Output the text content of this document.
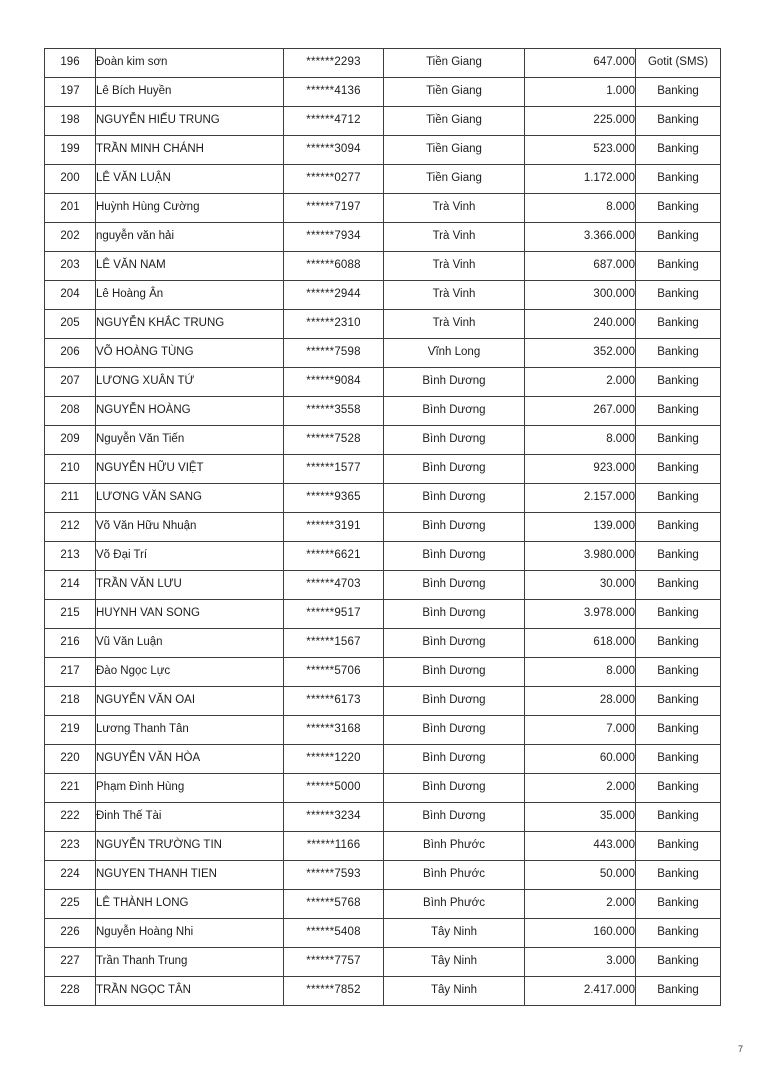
196	Đoàn kim sơn	******2293	Tiền Giang	647.000	Gotit (SMS)
197	Lê Bích Huyền	******4136	Tiền Giang	1.000	Banking
198	NGUYỄN HIẾU TRUNG	******4712	Tiền Giang	225.000	Banking
199	TRẦN MINH CHÁNH	******3094	Tiền Giang	523.000	Banking
200	LÊ VĂN LUẬN	******0277	Tiền Giang	1.172.000	Banking
201	Huỳnh Hùng Cường	******7197	Trà Vinh	8.000	Banking
202	nguyễn văn hải	******7934	Trà Vinh	3.366.000	Banking
203	LÊ VĂN NAM	******6088	Trà Vinh	687.000	Banking
204	Lê Hoàng Ân	******2944	Trà Vinh	300.000	Banking
205	NGUYỄN KHẮC TRUNG	******2310	Trà Vinh	240.000	Banking
206	VÕ HOÀNG TÙNG	******7598	Vĩnh Long	352.000	Banking
207	LƯƠNG XUÂN TỨ	******9084	Bình Dương	2.000	Banking
208	NGUYỄN HOÀNG	******3558	Bình Dương	267.000	Banking
209	Nguyễn Văn Tiến	******7528	Bình Dương	8.000	Banking
210	NGUYỄN HỮU VIỆT	******1577	Bình Dương	923.000	Banking
211	LƯƠNG VĂN SANG	******9365	Bình Dương	2.157.000	Banking
212	Võ Văn Hữu Nhuận	******3191	Bình Dương	139.000	Banking
213	Võ Đại Trí	******6621	Bình Dương	3.980.000	Banking
214	TRẦN VĂN LƯU	******4703	Bình Dương	30.000	Banking
215	HUYNH VAN SONG	******9517	Bình Dương	3.978.000	Banking
216	Vũ Văn Luận	******1567	Bình Dương	618.000	Banking
217	Đào Ngọc Lực	******5706	Bình Dương	8.000	Banking
218	NGUYỄN VĂN OAI	******6173	Bình Dương	28.000	Banking
219	Lương Thanh Tân	******3168	Bình Dương	7.000	Banking
220	NGUYỄN VĂN HÒA	******1220	Bình Dương	60.000	Banking
221	Phạm Đình Hùng	******5000	Bình Dương	2.000	Banking
222	Đinh Thế Tài	******3234	Bình Dương	35.000	Banking
223	NGUYỄN TRƯỜNG TIN	******1166	Bình Phước	443.000	Banking
224	NGUYEN THANH TIEN	******7593	Bình Phước	50.000	Banking
225	LÊ THÀNH LONG	******5768	Bình Phước	2.000	Banking
226	Nguyễn Hoàng Nhi	******5408	Tây Ninh	160.000	Banking
227	Trần Thanh Trung	******7757	Tây Ninh	3.000	Banking
228	TRẦN NGỌC TÂN	******7852	Tây Ninh	2.417.000	Banking
7
